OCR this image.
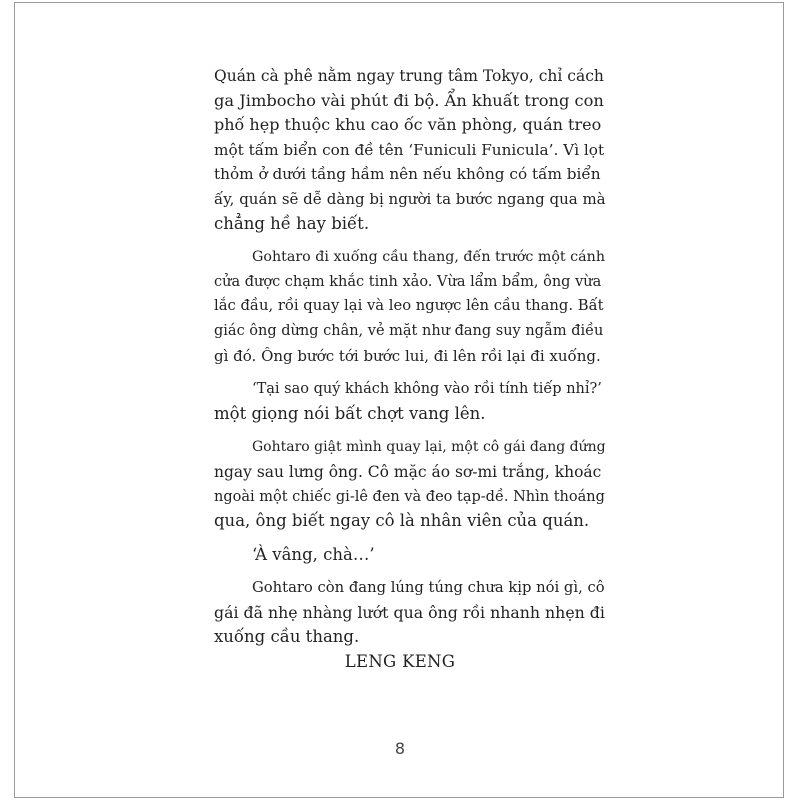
Quán cà phê nằm ngay trung tâm Tokyo, chỉ cách
ga Jimbocho vài phút đi bộ. Ẩn khuất trong con
phố hẹp thuộc khu cao ốc văn phòng, quán treo
một tấm biển con đề tên ‘Funiculi Funicula’. Vì lọt
thỏm ở dưới tầng hầm nên nếu không có tấm biển
ấy, quán sẽ dễ dàng bị người ta bước ngang qua mà
chẳng hề hay biết.
Gohtaro đi xuống cầu thang, đến trước một cánh
cửa được chạm khắc tinh xảo. Vừa lẩm bẩm, ông vừa
lắc đầu, rồi quay lại và leo ngược lên cầu thang. Bất
giác ông dừng chân, vẻ mặt như đang suy ngẫm điều
gì đó. Ông bước tới bước lui, đi lên rồi lại đi xuống.
‘Tại sao quý khách không vào rồi tính tiếp nhỉ?’
một giọng nói bất chợt vang lên.
Gohtaro giật mình quay lại, một cô gái đang đứng
ngay sau lưng ông. Cô mặc áo sơ-mi trắng, khoác
ngoài một chiếc gi-lê đen và đeo tạp-dề. Nhìn thoáng
qua, ông biết ngay cô là nhân viên của quán.
‘À vâng, chà…’
Gohtaro còn đang lúng túng chưa kịp nói gì, cô
gái đã nhẹ nhàng lướt qua ông rồi nhanh nhẹn đi
xuống cầu thang.
LENG KENG
8
